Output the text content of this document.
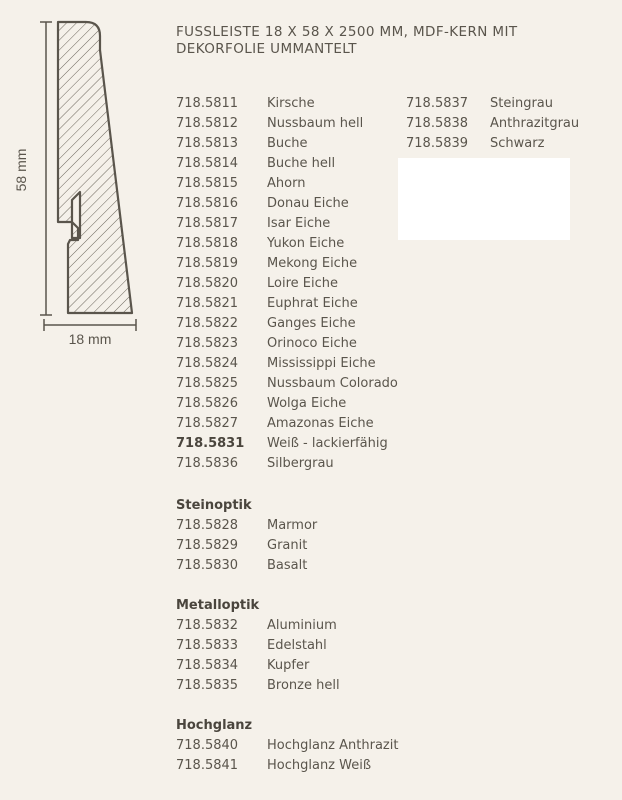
58 mm
18 mm
FUSSLEISTE 18 X 58 X 2500 MM, MDF-KERN MIT
DEKORFOLIE UMMANTELT
718.5811 Kirsche
718.5812 Nussbaum hell
718.5813 Buche
718.5814 Buche hell
718.5815 Ahorn
718.5816 Donau Eiche
718.5817 Isar Eiche
718.5818 Yukon Eiche
718.5819 Mekong Eiche
718.5820 Loire Eiche
718.5821 Euphrat Eiche
718.5822 Ganges Eiche
718.5823 Orinoco Eiche
718.5824 Mississippi Eiche
718.5825 Nussbaum Colorado
718.5826 Wolga Eiche
718.5827 Amazonas Eiche
718.5831 Weiß - lackierfähig
718.5836 Silbergrau
718.5837 Steingrau
718.5838 Anthrazitgrau
718.5839 Schwarz
Steinoptik
718.5828 Marmor
718.5829 Granit
718.5830 Basalt
Metalloptik
718.5832 Aluminium
718.5833 Edelstahl
718.5834 Kupfer
718.5835 Bronze hell
Hochglanz
718.5840 Hochglanz Anthrazit
718.5841 Hochglanz Weiß
